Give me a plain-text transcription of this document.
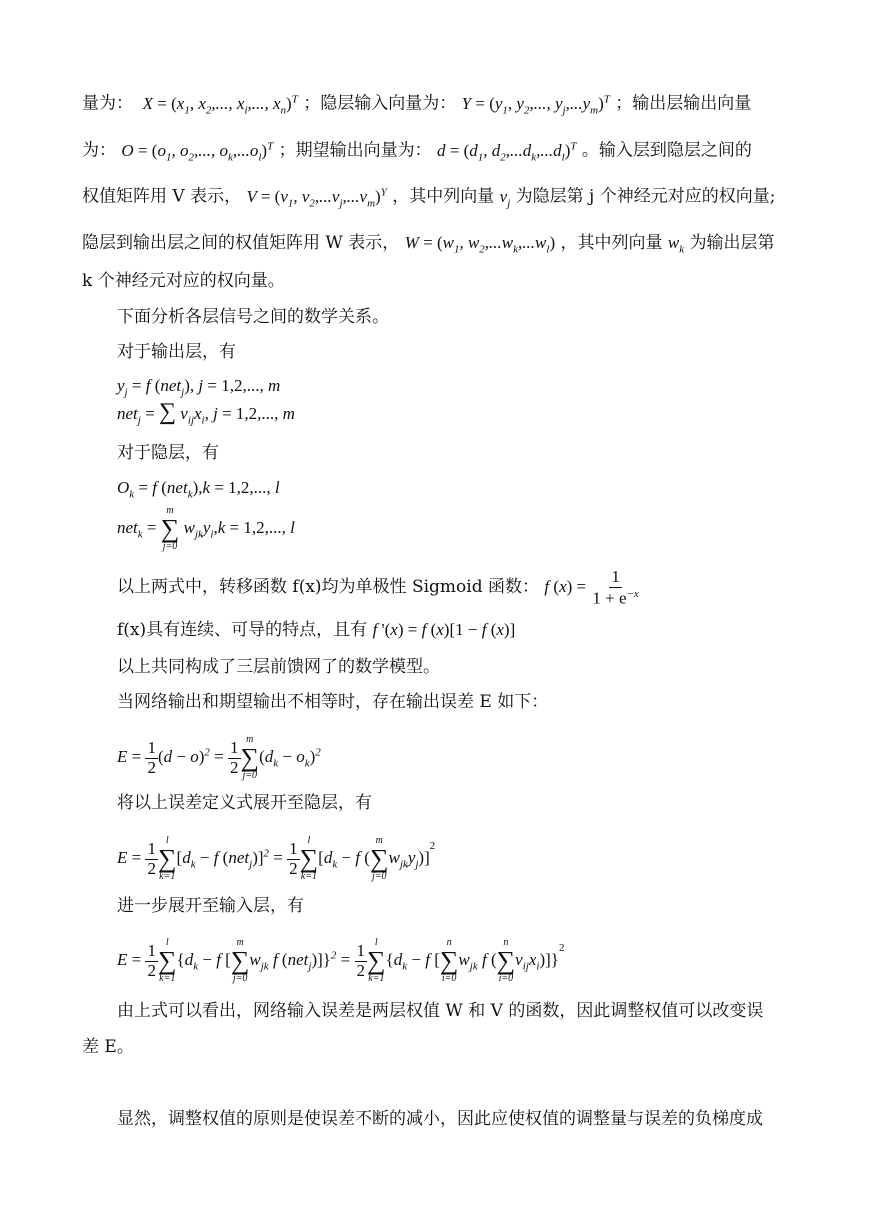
量为：  $X = (x_1$, $x_2$,..., $x_i$,..., $x_n)^T$ ；隐层输入向量为： $Y = (y_1$, $y_2$,..., $y_j,...y_m)^T$ ；输出层输出向量
为： $O = (o_1$, $o_2$,..., $o_k,...o_l)^T$ ；期望输出向量为： $d = (d_1$, $d_2,...d_k,...d_l)^T$ 。输入层到隐层之间的
权值矩阵用 V 表示， $V = (v_1$, $v_2,...v_j,...v_m)^Y$ ，其中列向量 $v_j$ 为隐层第 j 个神经元对应的权向量;
隐层到输出层之间的权值矩阵用 W 表示， $W = (w_1$, $w_2,...w_k,...w_l$) ，其中列向量 $w_k$ 为输出层第
k 个神经元对应的权向量。
下面分析各层信号之间的数学关系。
对于输出层，有
$y_j = f$ (net$_j$), j = 1,2,..., m
net$_j$ = ∑ $v_{ij}x_i$, j = 1,2,..., m
对于隐层，有
$O_k = f$ (net$_k$),k = 1,2,..., l
net$_k$ =
m
∑
j=0
$w_{jk}y_i,k = 1,2$,..., l
以上两式中，转移函数 f(x)均为单极性 Sigmoid 函数： f $(x) = \frac{1}{1 + e^{-x}}$
f(x)具有连续、可导的特点，且有 f '(x) = f (x)[1 − f (x)]
以上共同构成了三层前馈网了的数学模型。
当网络输出和期望输出不相等时，存在输出误差 E 如下：
$E = \frac{1}{2} (d - o)^2 = \frac{1}{2}$ m
∑
j=0
$(d_k - o_k)^2$
将以上误差定义式展开至隐层，有
$E = \frac{1}{2}$ l
∑
k=1
[$d_k - f$ $(net_j)]^2 = \frac{1}{2}$ l
∑
k=1
[$d_k - f$ (
m
∑
j=0
$w_{jk}y_j)]^2$
进一步展开至输入层，有
$E = \frac{1}{2}$ l
∑
k=1
{$d_k - f$ [
m
∑
j=0
$w_{jk}$ f $(net_j)]\}^2 = \frac{1}{2}$ l
∑
k=1
{$d_k - f$ [
n
∑
i=0
$w_{jk}$ f (
n
∑
i=0
$v_{ij}x_i)]\}^2$
由上式可以看出，网络输入误差是两层权值 W 和 V 的函数，因此调整权值可以改变误
差 E。
显然，调整权值的原则是使误差不断的减小，因此应使权值的调整量与误差的负梯度成
